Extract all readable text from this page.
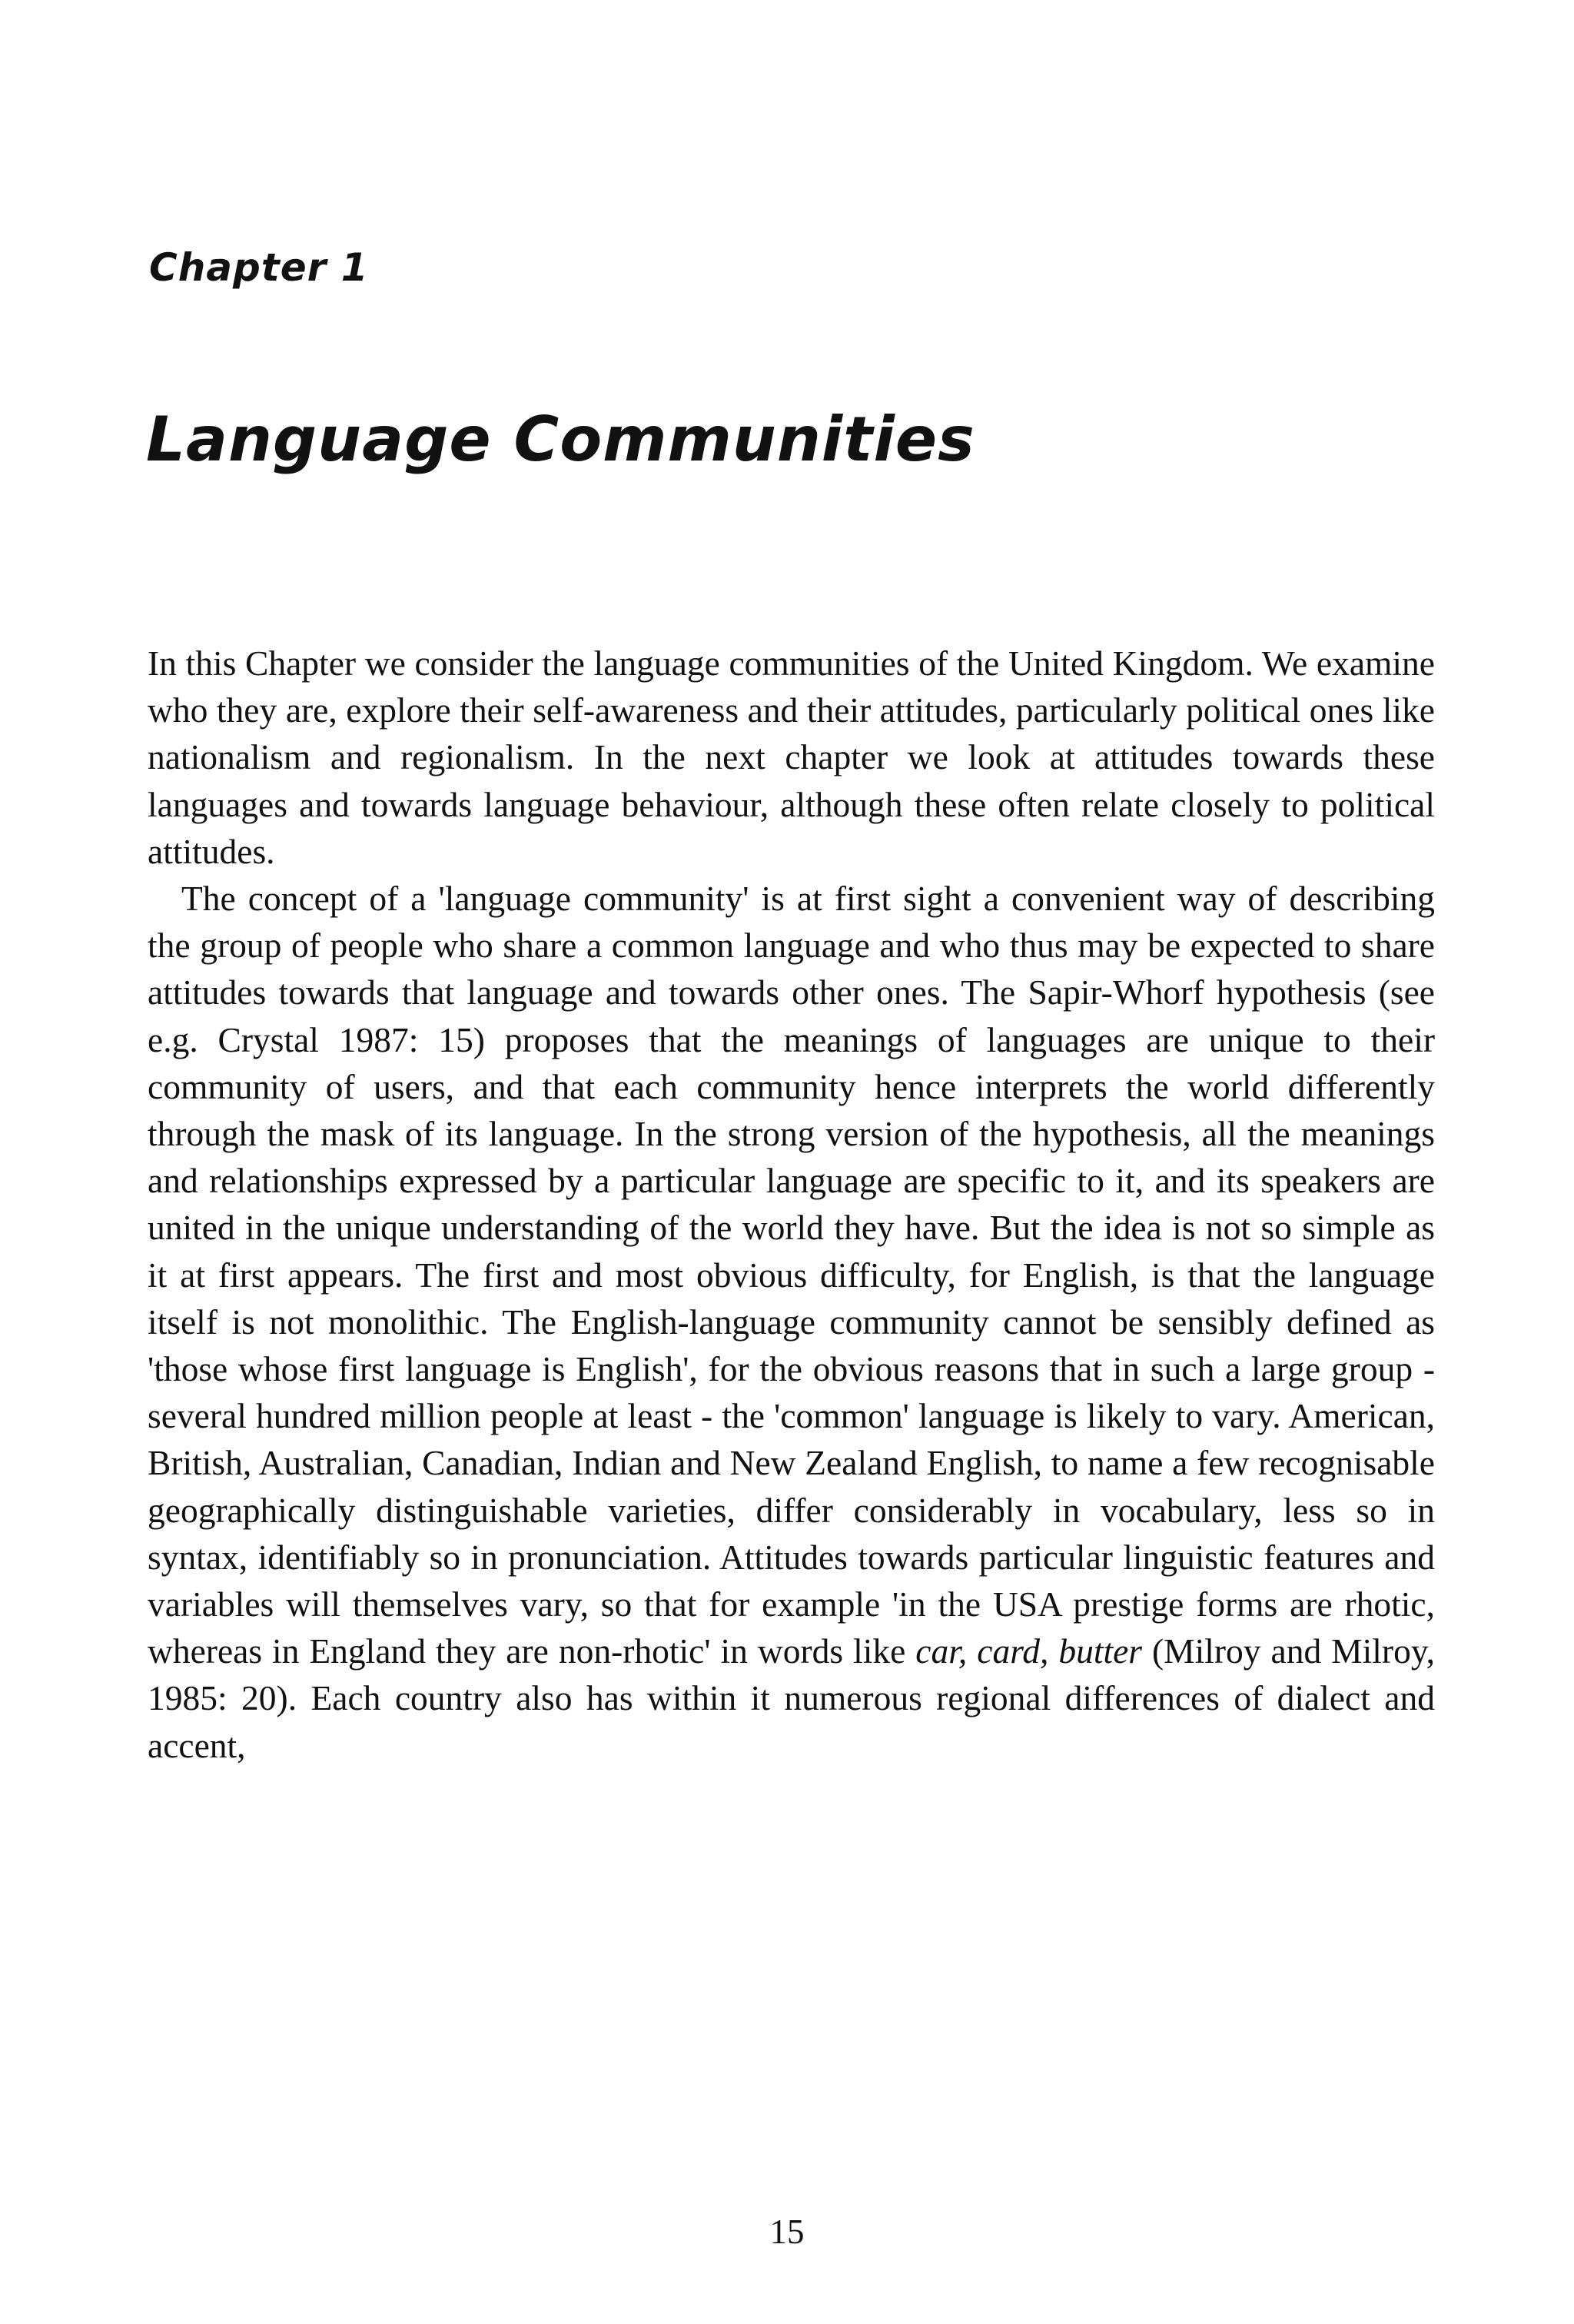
Chapter 1
Language Communities

In this Chapter we consider the language communities of the United Kingdom. We examine who they are, explore their self-awareness and their attitudes, particularly political ones like nationalism and regionalism. In the next chapter we look at attitudes towards these languages and towards language behaviour, although these often relate closely to political attitudes.

The concept of a 'language community' is at first sight a convenient way of describing the group of people who share a common language and who thus may be expected to share attitudes towards that language and towards other ones. The Sapir-Whorf hypothesis (see e.g. Crystal 1987: 15) proposes that the meanings of languages are unique to their community of users, and that each community hence interprets the world differently through the mask of its language. In the strong version of the hypothesis, all the meanings and relationships expressed by a particular language are specific to it, and its speakers are united in the unique understanding of the world they have. But the idea is not so simple as it at first appears. The first and most obvious difficulty, for English, is that the language itself is not monolithic. The English-language community cannot be sensibly defined as 'those whose first language is English', for the obvious reasons that in such a large group - several hundred million people at least - the 'common' language is likely to vary. American, British, Australian, Canadian, Indian and New Zealand English, to name a few recognisable geographically distinguishable varieties, differ considerably in vocabulary, less so in syntax, identifiably so in pronunciation. Attitudes towards particular linguistic features and variables will themselves vary, so that for example 'in the USA prestige forms are rhotic, whereas in England they are non-rhotic' in words like car, card, butter (Milroy and Milroy, 1985: 20). Each country also has within it numerous regional differences of dialect and accent,

15
